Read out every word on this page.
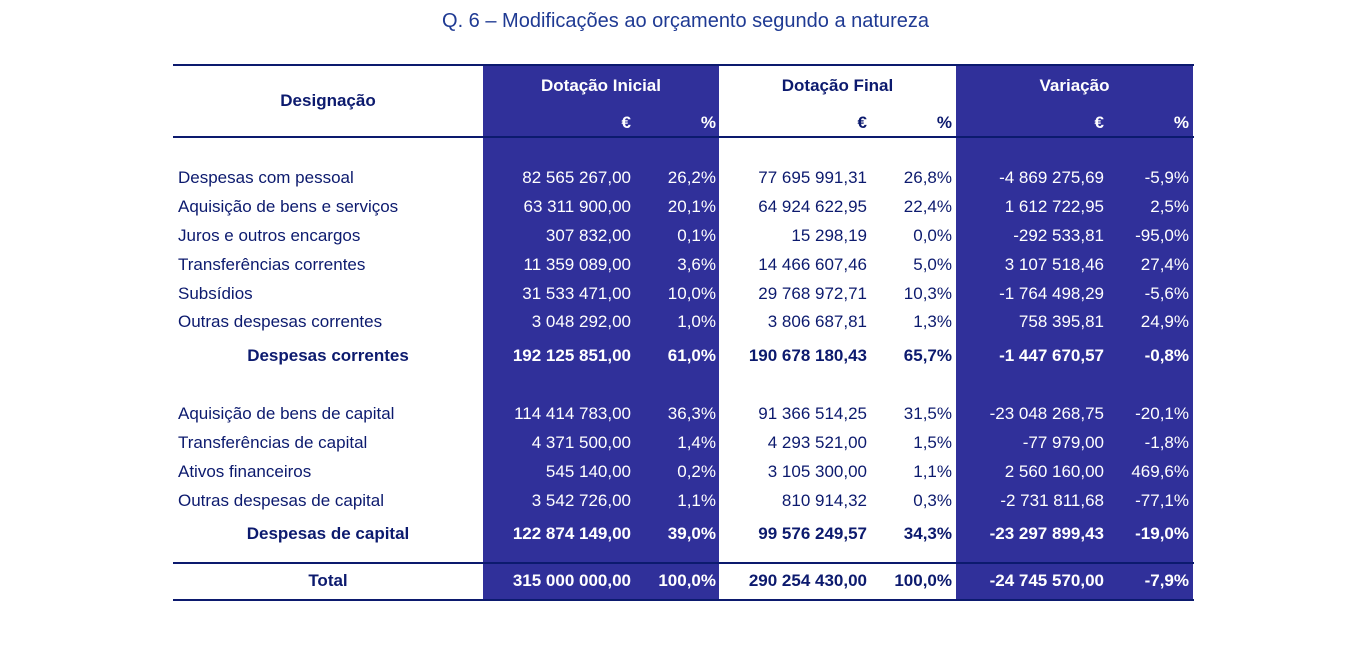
Q. 6 – Modificações ao orçamento segundo a natureza
Designação
Dotação Inicial	Dotação Final	Variação
€	%	€	%	€	%
Despesas com pessoal	82 565 267,00	26,2%	77 695 991,31	26,8%	-4 869 275,69	-5,9%
Aquisição de bens e serviços	63 311 900,00	20,1%	64 924 622,95	22,4%	1 612 722,95	2,5%
Juros e outros encargos	307 832,00	0,1%	15 298,19	0,0%	-292 533,81	-95,0%
Transferências correntes	11 359 089,00	3,6%	14 466 607,46	5,0%	3 107 518,46	27,4%
Subsídios	31 533 471,00	10,0%	29 768 972,71	10,3%	-1 764 498,29	-5,6%
Outras despesas correntes	3 048 292,00	1,0%	3 806 687,81	1,3%	758 395,81	24,9%
Despesas correntes	192 125 851,00	61,0%	190 678 180,43	65,7%	-1 447 670,57	-0,8%
Aquisição de bens de capital	114 414 783,00	36,3%	91 366 514,25	31,5%	-23 048 268,75	-20,1%
Transferências de capital	4 371 500,00	1,4%	4 293 521,00	1,5%	-77 979,00	-1,8%
Ativos financeiros	545 140,00	0,2%	3 105 300,00	1,1%	2 560 160,00	469,6%
Outras despesas de capital	3 542 726,00	1,1%	810 914,32	0,3%	-2 731 811,68	-77,1%
Despesas de capital	122 874 149,00	39,0%	99 576 249,57	34,3%	-23 297 899,43	-19,0%
Total	315 000 000,00	100,0%	290 254 430,00	100,0%	-24 745 570,00	-7,9%
